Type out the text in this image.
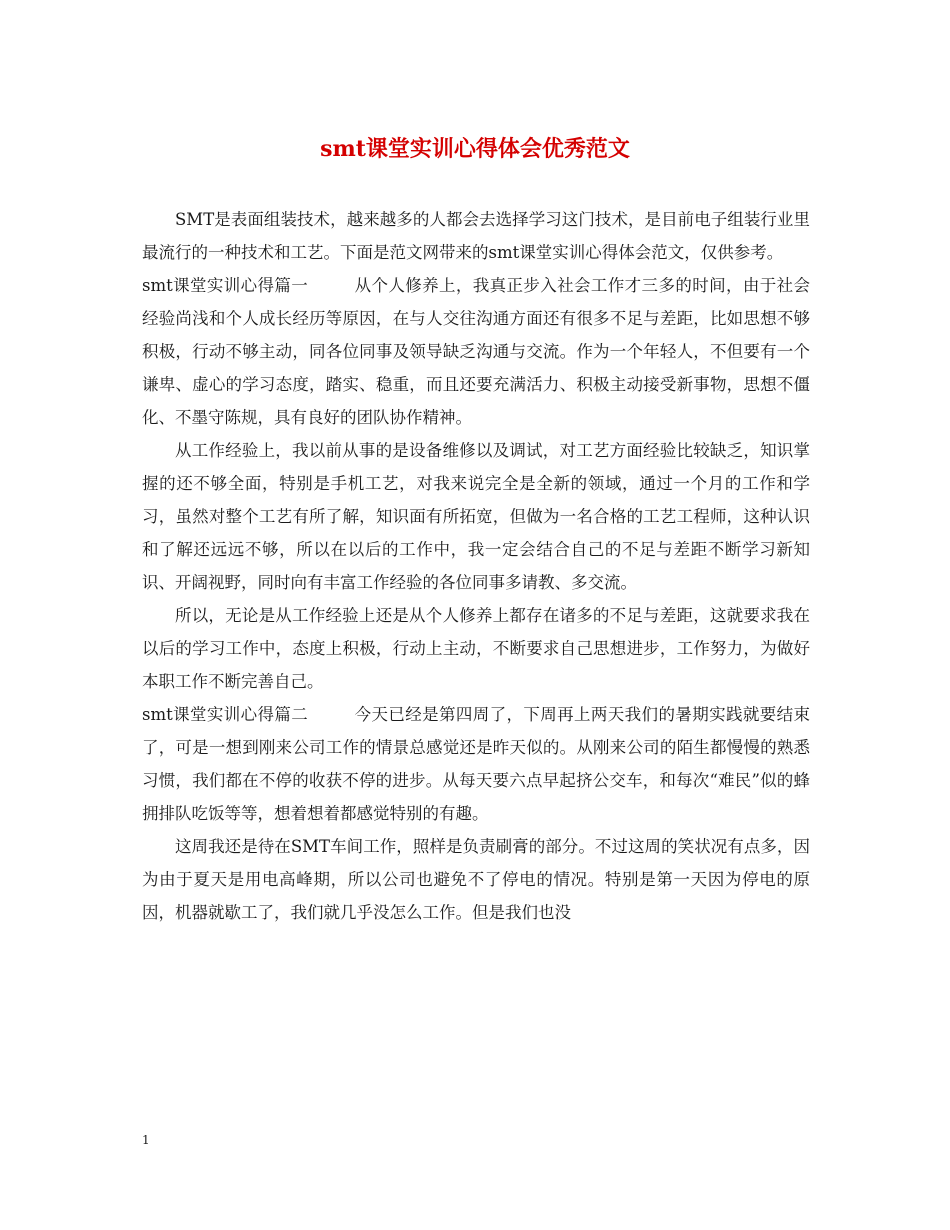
smt课堂实训心得体会优秀范文

SMT是表面组装技术，越来越多的人都会去选择学习这门技术，是目前电子组装行业里最流行的一种技术和工艺。下面是范文网带来的smt课堂实训心得体会范文，仅供参考。

smt课堂实训心得篇一	从个人修养上，我真正步入社会工作才三多的时间，由于社会经验尚浅和个人成长经历等原因，在与人交往沟通方面还有很多不足与差距，比如思想不够积极，行动不够主动，同各位同事及领导缺乏沟通与交流。作为一个年轻人，不但要有一个谦卑、虚心的学习态度，踏实、稳重，而且还要充满活力、积极主动接受新事物，思想不僵化、不墨守陈规，具有良好的团队协作精神。

从工作经验上，我以前从事的是设备维修以及调试，对工艺方面经验比较缺乏，知识掌握的还不够全面，特别是手机工艺，对我来说完全是全新的领域，通过一个月的工作和学习，虽然对整个工艺有所了解，知识面有所拓宽，但做为一名合格的工艺工程师，这种认识和了解还远远不够，所以在以后的工作中，我一定会结合自己的不足与差距不断学习新知识、开阔视野，同时向有丰富工作经验的各位同事多请教、多交流。

所以，无论是从工作经验上还是从个人修养上都存在诸多的不足与差距，这就要求我在以后的学习工作中，态度上积极，行动上主动，不断要求自己思想进步，工作努力，为做好本职工作不断完善自己。

smt课堂实训心得篇二	今天已经是第四周了，下周再上两天我们的暑期实践就要结束了，可是一想到刚来公司工作的情景总感觉还是昨天似的。从刚来公司的陌生都慢慢的熟悉习惯，我们都在不停的收获不停的进步。从每天要六点早起挤公交车，和每次“难民”似的蜂拥排队吃饭等等，想着想着都感觉特别的有趣。

这周我还是待在SMT车间工作，照样是负责刷膏的部分。不过这周的笑状况有点多，因为由于夏天是用电高峰期，所以公司也避免不了停电的情况。特别是第一天因为停电的原因，机器就歇工了，我们就几乎没怎么工作。但是我们也没

1
